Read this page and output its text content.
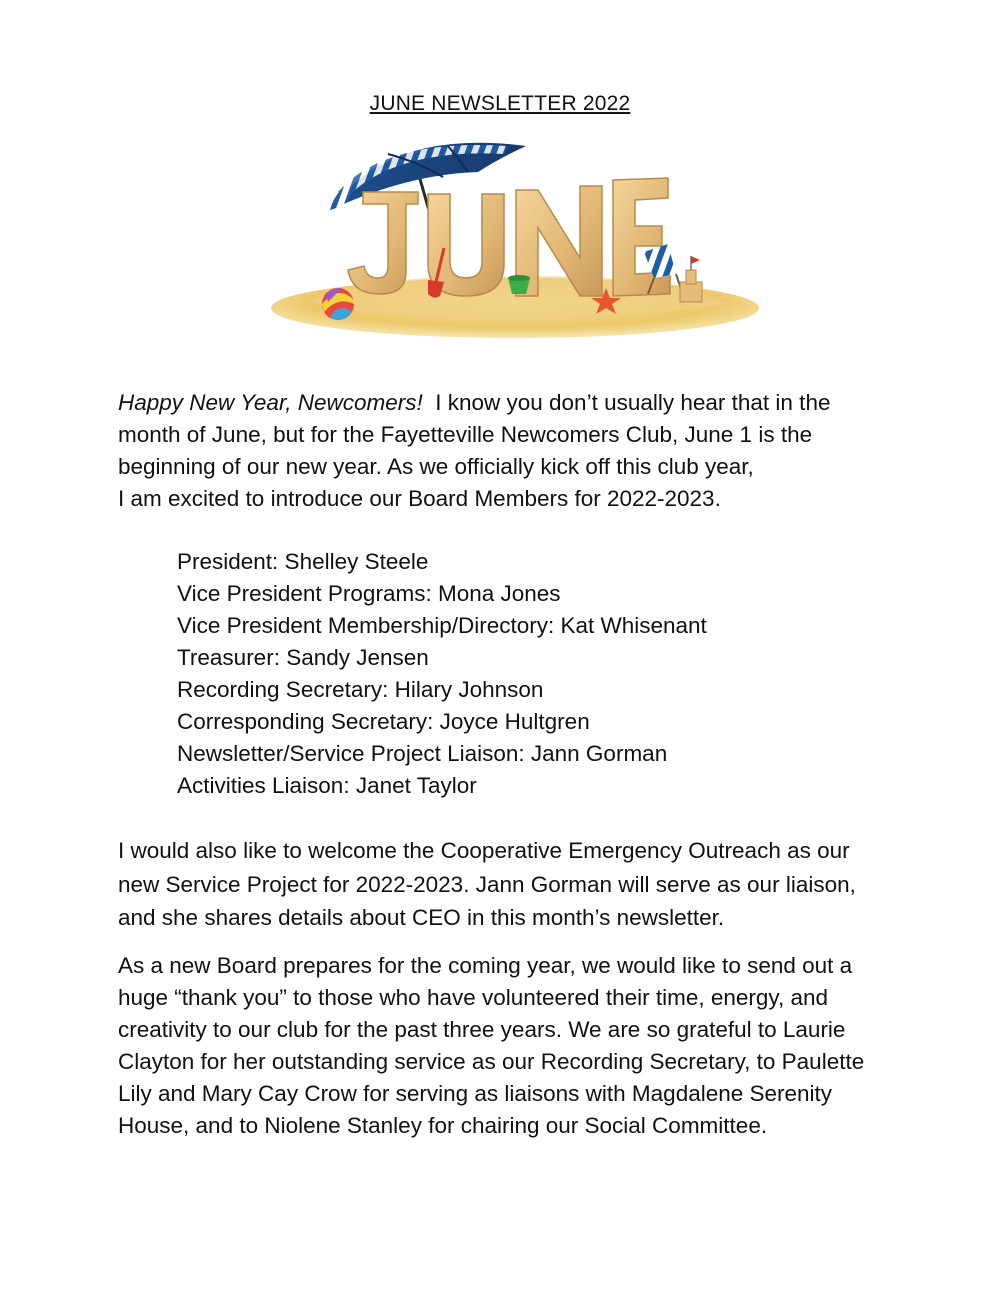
JUNE NEWSLETTER 2022

Happy New Year, Newcomers!  I know you don’t usually hear that in the
month of June, but for the Fayetteville Newcomers Club, June 1 is the
beginning of our new year. As we officially kick off this club year,
I am excited to introduce our Board Members for 2022-2023.

President: Shelley Steele
Vice President Programs: Mona Jones
Vice President Membership/Directory: Kat Whisenant
Treasurer: Sandy Jensen
Recording Secretary: Hilary Johnson
Corresponding Secretary: Joyce Hultgren
Newsletter/Service Project Liaison: Jann Gorman
Activities Liaison: Janet Taylor

I would also like to welcome the Cooperative Emergency Outreach as our
new Service Project for 2022-2023. Jann Gorman will serve as our liaison,
and she shares details about CEO in this month’s newsletter.

As a new Board prepares for the coming year, we would like to send out a
huge “thank you” to those who have volunteered their time, energy, and
creativity to our club for the past three years. We are so grateful to Laurie
Clayton for her outstanding service as our Recording Secretary, to Paulette
Lily and Mary Cay Crow for serving as liaisons with Magdalene Serenity
House, and to Niolene Stanley for chairing our Social Committee.
